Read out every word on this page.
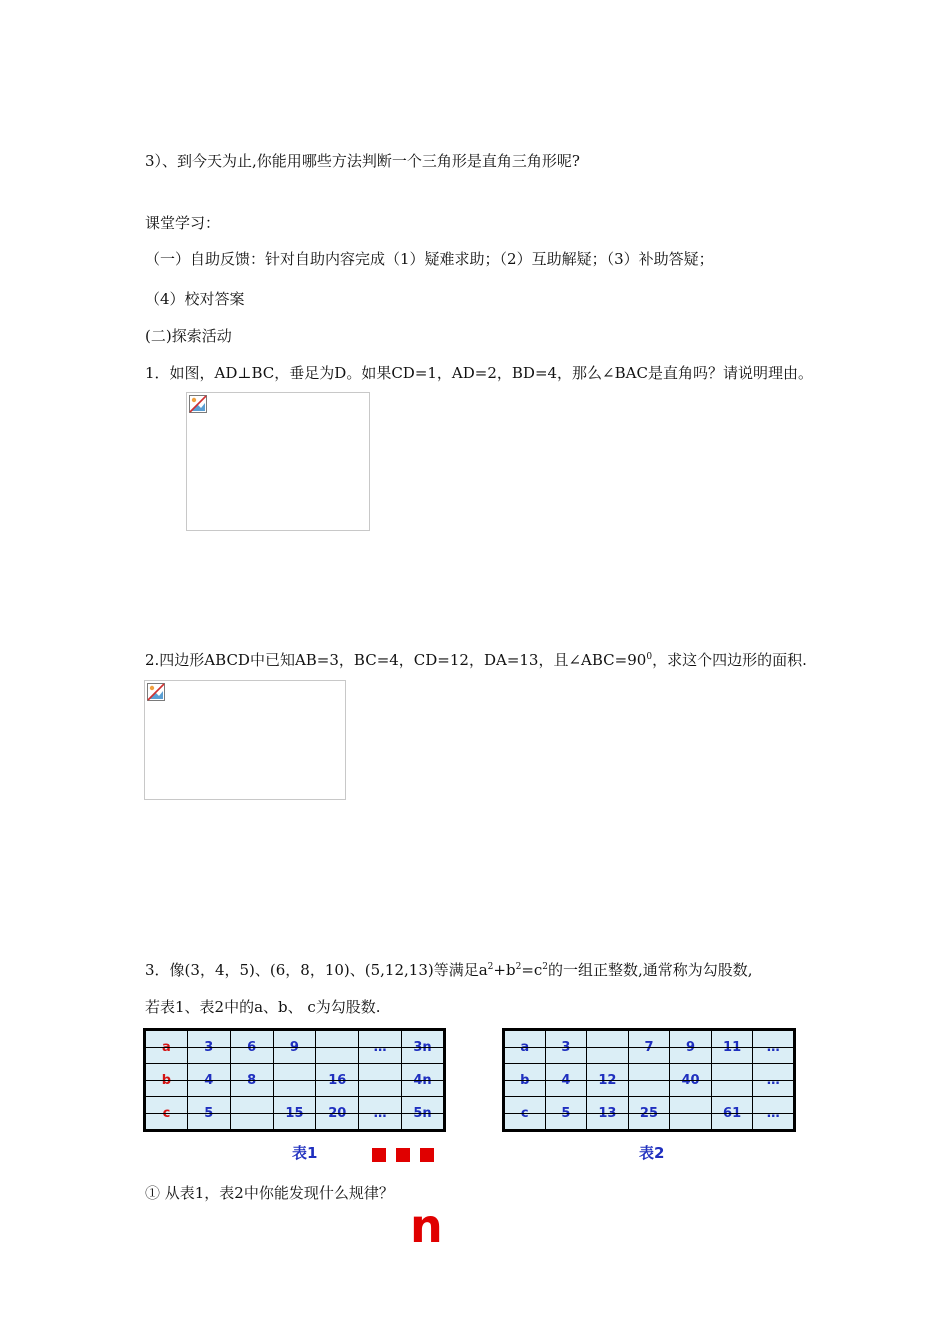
3）、到今天为止,你能用哪些方法判断一个三角形是直角三角形呢?
课堂学习：
（一）自助反馈：针对自助内容完成（1）疑难求助；（2）互助解疑；（3）补助答疑；
（4）校对答案
(二)探索活动
1．如图，AD⊥BC，垂足为D。如果CD=1，AD=2，BD=4，那么∠BAC是直角吗？请说明理由。
2.四边形ABCD中已知AB=3，BC=4，CD=12，DA=13，且$\angle ABC=90^0$，求这个四边形的面积.
3．像(3，4，5)、(6，8，10)、(5,12,13)等满足$a^2+b^2=c^2$的一组正整数,通常称为勾股数,
若表1、表2中的a、b、 c为勾股数.
a	3	6	9		…	3n

b	4	8		16		4n

c	5		15	20	…	5n
表1
a	3		7	9	11	…

b	4	12		40		…

c	5	13	25		61	…
表2
① 从表1，表2中你能发现什么规律？
n
